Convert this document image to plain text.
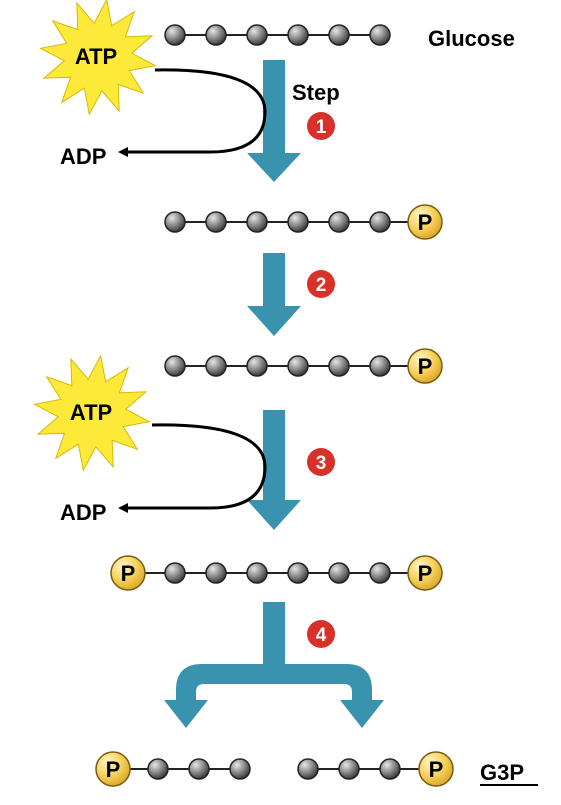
Glucose
P
P
P	P
P	P G3P
Step
1
2
3
4
ATP
ATP
ADP
ADP
